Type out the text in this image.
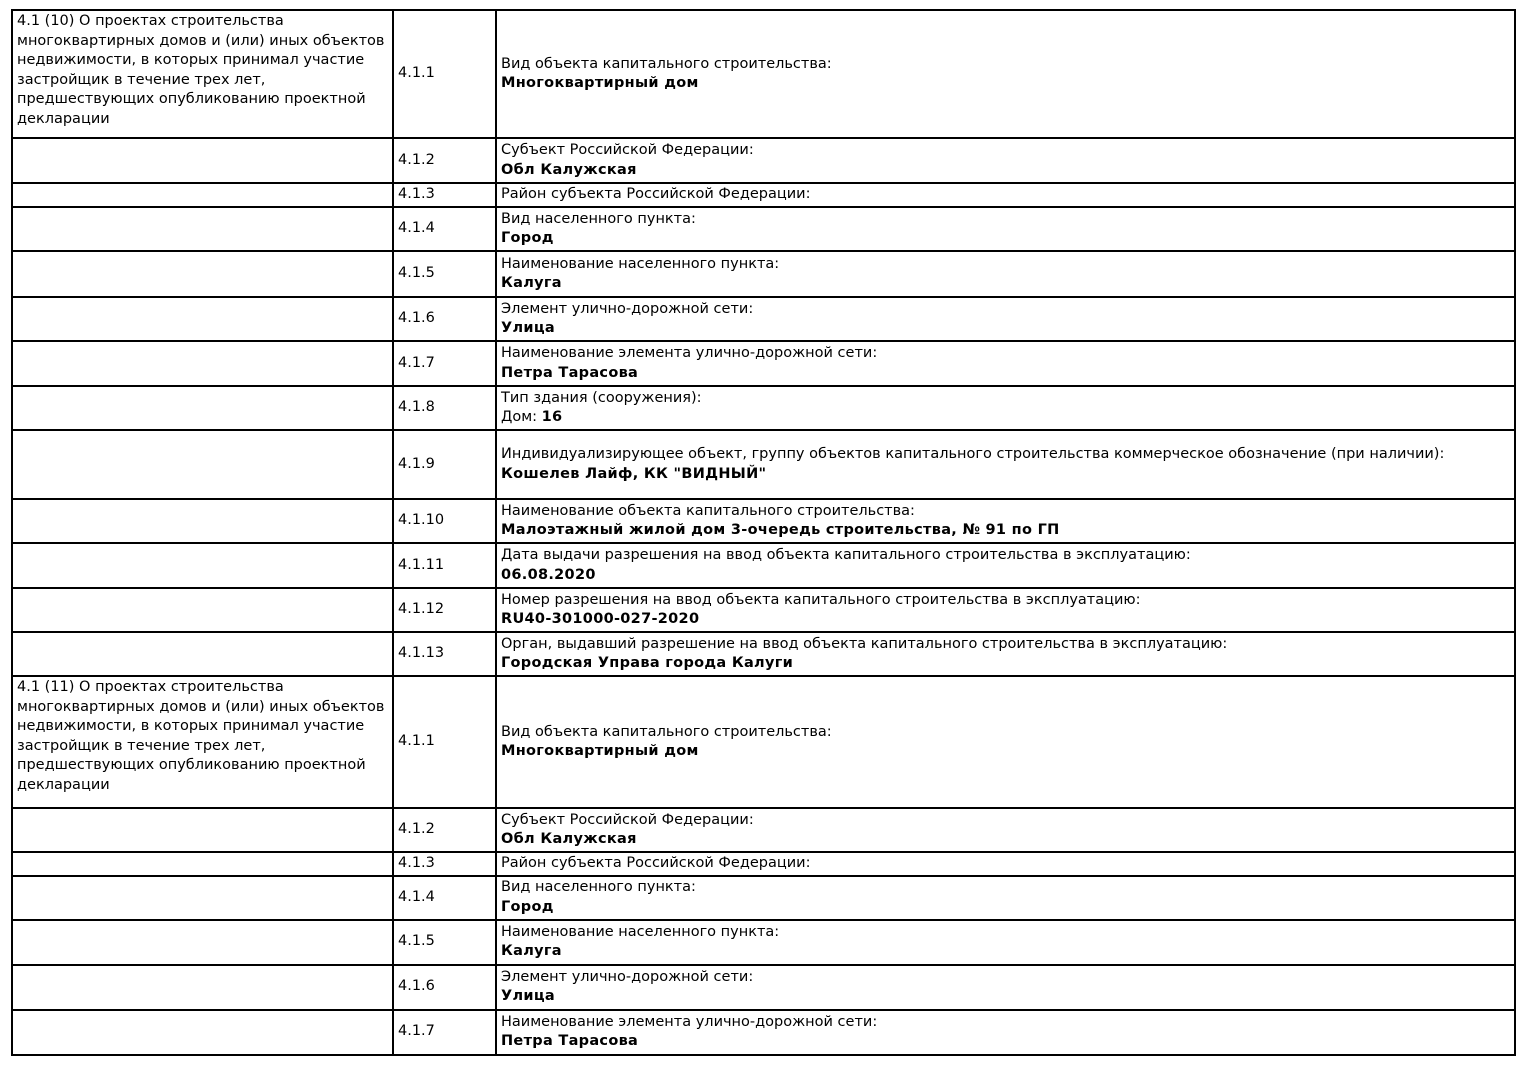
4.1 (10) О проектах строительства многоквартирных домов и (или) иных объектов недвижимости, в которых принимал участие застройщик в течение трех лет, предшествующих опубликованию проектной декларации	4.1.1	Вид объекта капитального строительства:
Многоквартирный дом

	4.1.2	Субъект Российской Федерации:
Обл Калужская

	4.1.3	Район субъекта Российской Федерации:

	4.1.4	Вид населенного пункта:
Город

	4.1.5	Наименование населенного пункта:
Калуга

	4.1.6	Элемент улично-дорожной сети:
Улица

	4.1.7	Наименование элемента улично-дорожной сети:
Петра Тарасова

	4.1.8	Тип здания (сооружения):
Дом: 16

	4.1.9	Индивидуализирующее объект, группу объектов капитального строительства коммерческое обозначение (при наличии):
Кошелев Лайф, КК "ВИДНЫЙ"

	4.1.10	Наименование объекта капитального строительства:
Малоэтажный жилой дом 3-очередь строительства, № 91 по ГП

	4.1.11	Дата выдачи разрешения на ввод объекта капитального строительства в эксплуатацию:
06.08.2020

	4.1.12	Номер разрешения на ввод объекта капитального строительства в эксплуатацию:
RU40-301000-027-2020

	4.1.13	Орган, выдавший разрешение на ввод объекта капитального строительства в эксплуатацию:
Городская Управа города Калуги

4.1 (11) О проектах строительства многоквартирных домов и (или) иных объектов недвижимости, в которых принимал участие застройщик в течение трех лет, предшествующих опубликованию проектной декларации	4.1.1	Вид объекта капитального строительства:
Многоквартирный дом

	4.1.2	Субъект Российской Федерации:
Обл Калужская

	4.1.3	Район субъекта Российской Федерации:

	4.1.4	Вид населенного пункта:
Город

	4.1.5	Наименование населенного пункта:
Калуга

	4.1.6	Элемент улично-дорожной сети:
Улица

	4.1.7	Наименование элемента улично-дорожной сети:
Петра Тарасова
